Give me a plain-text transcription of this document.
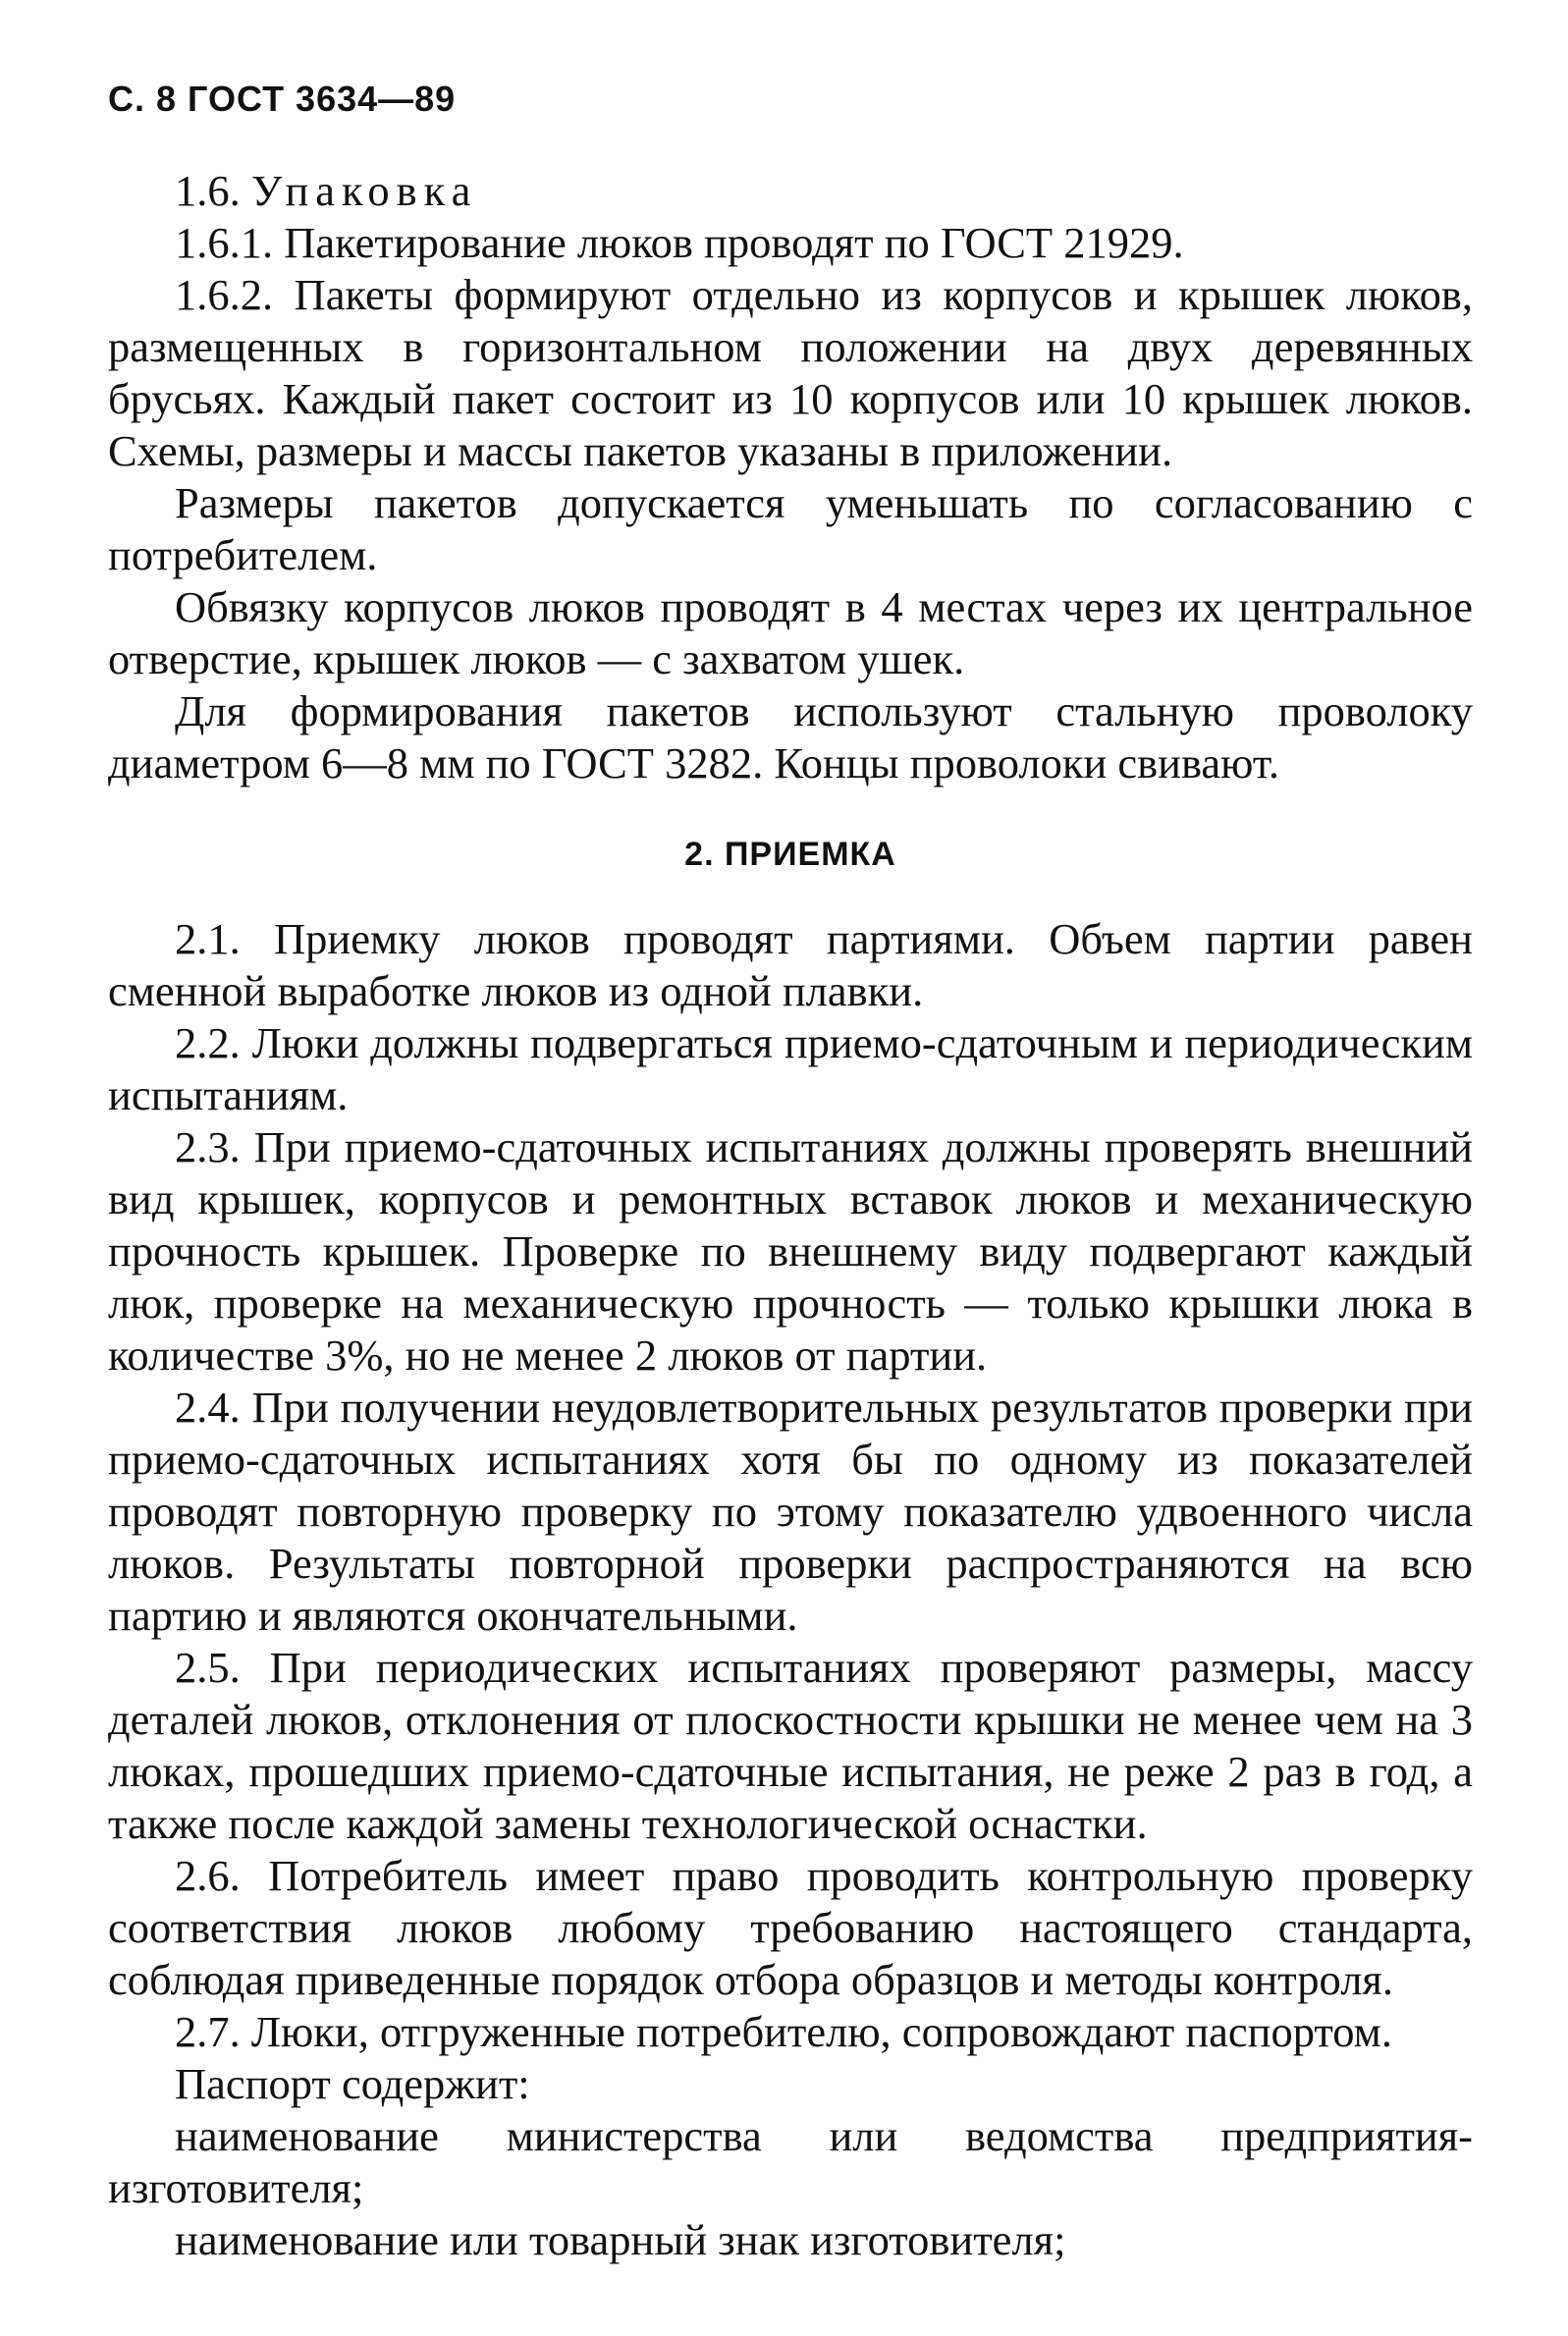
С. 8 ГОСТ 3634—89

1.6. Упаковка

1.6.1. Пакетирование люков проводят по ГОСТ 21929.

1.6.2. Пакеты формируют отдельно из корпусов и крышек люков, размещенных в горизонтальном положении на двух деревянных брусьях. Каждый пакет состоит из 10 корпусов или 10 крышек люков. Схемы, размеры и массы пакетов указаны в приложении.

Размеры пакетов допускается уменьшать по согласованию с потребителем.

Обвязку корпусов люков проводят в 4 местах через их центральное отверстие, крышек люков — с захватом ушек.

Для формирования пакетов используют стальную проволоку диаметром 6—8 мм по ГОСТ 3282. Концы проволоки свивают.

2. ПРИЕМКА

2.1. Приемку люков проводят партиями. Объем партии равен сменной выработке люков из одной плавки.

2.2. Люки должны подвергаться приемо-сдаточным и периодическим испытаниям.

2.3. При приемо-сдаточных испытаниях должны проверять внешний вид крышек, корпусов и ремонтных вставок люков и механическую прочность крышек. Проверке по внешнему виду подвергают каждый люк, проверке на механическую прочность — только крышки люка в количестве 3%, но не менее 2 люков от партии.

2.4. При получении неудовлетворительных результатов проверки при приемо-сдаточных испытаниях хотя бы по одному из показателей проводят повторную проверку по этому показателю удвоенного числа люков. Результаты повторной проверки распространяются на всю партию и являются окончательными.

2.5. При периодических испытаниях проверяют размеры, массу деталей люков, отклонения от плоскостности крышки не менее чем на 3 люках, прошедших приемо-сдаточные испытания, не реже 2 раз в год, а также после каждой замены технологической оснастки.

2.6. Потребитель имеет право проводить контрольную проверку соответствия люков любому требованию настоящего стандарта, соблюдая приведенные порядок отбора образцов и методы контроля.

2.7. Люки, отгруженные потребителю, сопровождают паспортом.

Паспорт содержит:

наименование министерства или ведомства предприятия-изготовителя;

наименование или товарный знак изготовителя;
